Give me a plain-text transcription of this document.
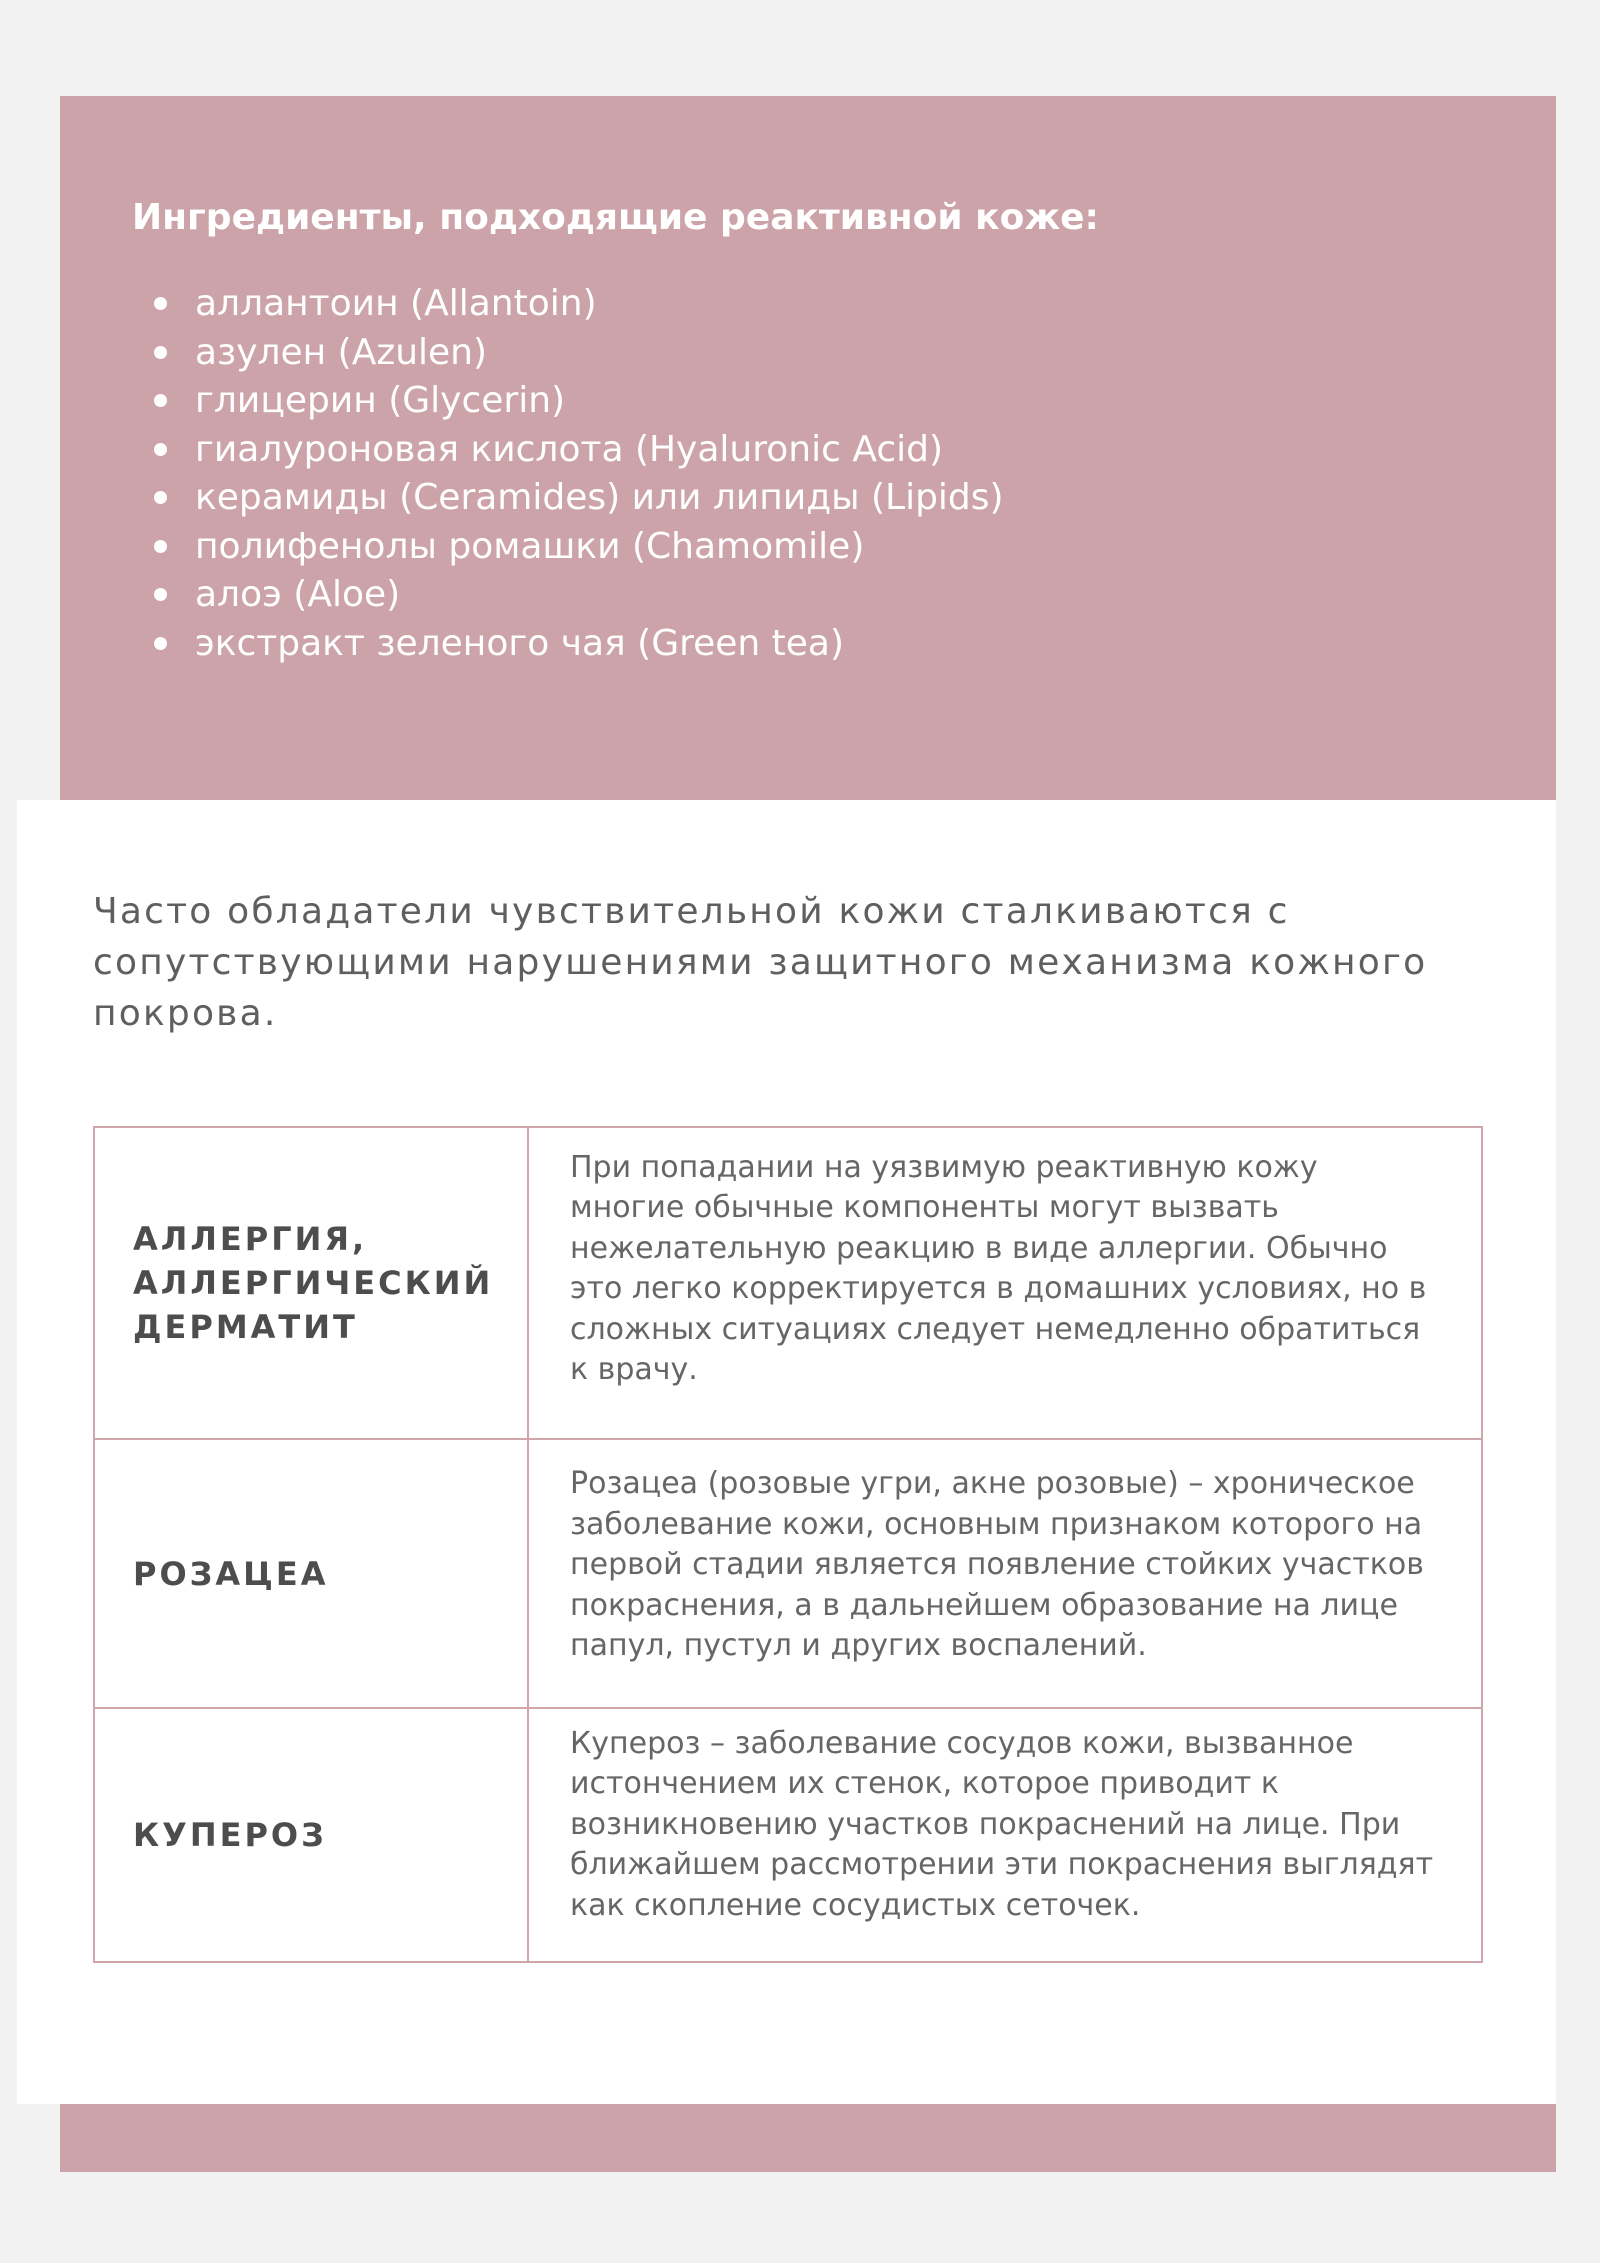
Ингредиенты, подходящие реактивной коже:
аллантоин (Allantoin)
азулен (Azulen)
глицерин (Glycerin)
гиалуроновая кислота (Hyaluronic Acid)
керамиды (Ceramides) или липиды (Lipids)
полифенолы ромашки (Chamomile)
алоэ (Aloe)
экстракт зеленого чая (Green tea)

Часто обладатели чувствительной кожи сталкиваются с сопутствующими нарушениями защитного механизма кожного покрова.

АЛЛЕРГИЯ, АЛЛЕРГИЧЕСКИЙ ДЕРМАТИТ	При попадании на уязвимую реактивную кожу многие обычные компоненты могут вызвать нежелательную реакцию в виде аллергии. Обычно это легко корректируется в домашних условиях, но в сложных ситуациях следует немедленно обратиться к врачу.

РОЗАЦЕА	Розацеа (розовые угри, акне розовые) – хроническое заболевание кожи, основным признаком которого на первой стадии является появление стойких участков покраснения, а в дальнейшем образование на лице папул, пустул и других воспалений.

КУПЕРОЗ	Купероз – заболевание сосудов кожи, вызванное истончением их стенок, которое приводит к возникновению участков покраснений на лице. При ближайшем рассмотрении эти покраснения выглядят как скопление сосудистых сеточек.
